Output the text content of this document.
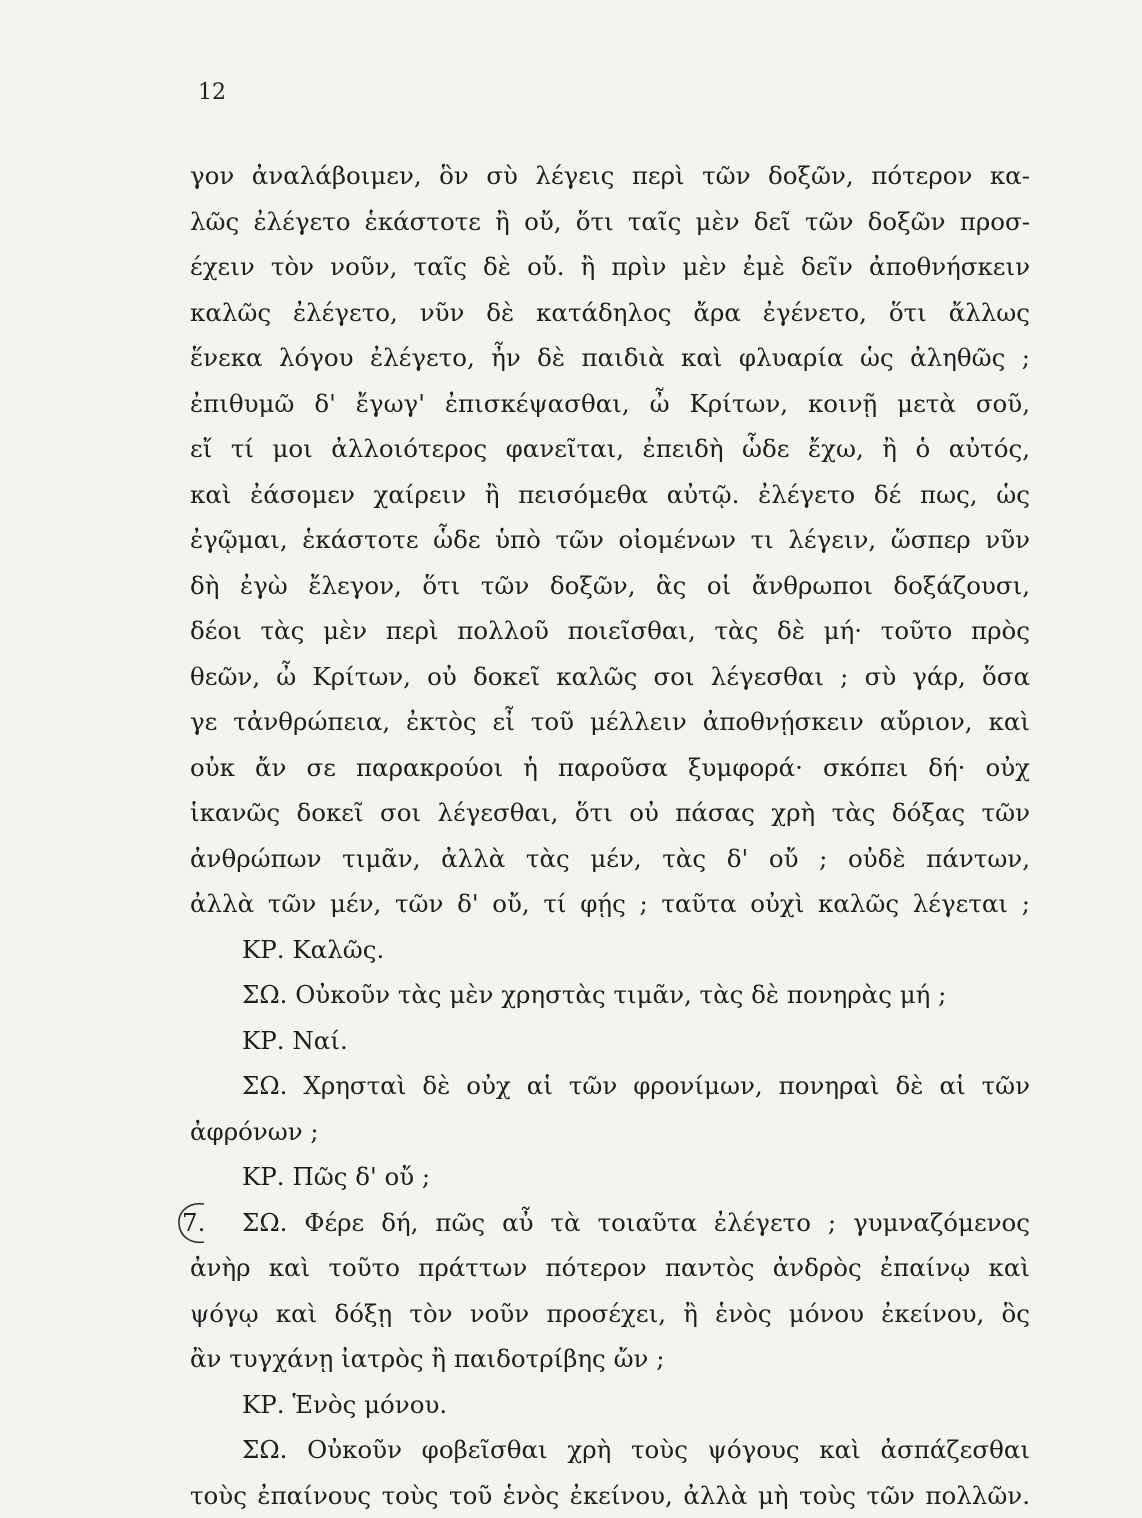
12
γον ἀναλάβοιμεν, ὃν σὺ λέγεις περὶ τῶν δοξῶν, πότερον κα-
λῶς ἐλέγετο ἑκάστοτε ἢ οὔ, ὅτι ταῖς μὲν δεῖ τῶν δοξῶν προσ-
έχειν τὸν νοῦν, ταῖς δὲ οὔ. ἢ πρὶν μὲν ἐμὲ δεῖν ἀποθνήσκειν
καλῶς ἐλέγετο, νῦν δὲ κατάδηλος ἄρα ἐγένετο, ὅτι ἄλλως
ἕνεκα λόγου ἐλέγετο, ἦν δὲ παιδιὰ καὶ φλυαρία ὡς ἀληθῶς ;
ἐπιθυμῶ δ' ἔγωγ' ἐπισκέψασθαι, ὦ Κρίτων, κοινῇ μετὰ σοῦ,
εἴ τί μοι ἀλλοιότερος φανεῖται, ἐπειδὴ ὧδε ἔχω, ἢ ὁ αὐτός,
καὶ ἐάσομεν χαίρειν ἢ πεισόμεθα αὐτῷ. ἐλέγετο δέ πως, ὡς
ἐγῷμαι, ἑκάστοτε ὧδε ὑπὸ τῶν οἰομένων τι λέγειν, ὥσπερ νῦν
δὴ ἐγὼ ἔλεγον, ὅτι τῶν δοξῶν, ἃς οἱ ἄνθρωποι δοξάζουσι,
δέοι τὰς μὲν περὶ πολλοῦ ποιεῖσθαι, τὰς δὲ μή· τοῦτο πρὸς
θεῶν, ὦ Κρίτων, οὐ δοκεῖ καλῶς σοι λέγεσθαι ; σὺ γάρ, ὅσα
γε τἀνθρώπεια, ἐκτὸς εἶ τοῦ μέλλειν ἀποθνῄσκειν αὔριον, καὶ
οὐκ ἄν σε παρακρούοι ἡ παροῦσα ξυμφορά· σκόπει δή· οὐχ
ἱκανῶς δοκεῖ σοι λέγεσθαι, ὅτι οὐ πάσας χρὴ τὰς δόξας τῶν
ἀνθρώπων τιμᾶν, ἀλλὰ τὰς μέν, τὰς δ' οὔ ; οὐδὲ πάντων,
ἀλλὰ τῶν μέν, τῶν δ' οὔ, τί φῄς ; ταῦτα οὐχὶ καλῶς λέγεται ;
ΚΡ. Καλῶς.
ΣΩ. Οὐκοῦν τὰς μὲν χρηστὰς τιμᾶν, τὰς δὲ πονηρὰς μή ;
ΚΡ. Ναί.
ΣΩ. Χρησταὶ δὲ οὐχ αἱ τῶν φρονίμων, πονηραὶ δὲ αἱ τῶν
ἀφρόνων ;
ΚΡ. Πῶς δ' οὔ ;
7. ΣΩ. Φέρε δή, πῶς αὖ τὰ τοιαῦτα ἐλέγετο ; γυμναζόμενος
ἀνὴρ καὶ τοῦτο πράττων πότερον παντὸς ἀνδρὸς ἐπαίνῳ καὶ
ψόγῳ καὶ δόξῃ τὸν νοῦν προσέχει, ἢ ἑνὸς μόνου ἐκείνου, ὃς
ἂν τυγχάνῃ ἰατρὸς ἢ παιδοτρίβης ὤν ;
ΚΡ. Ἑνὸς μόνου.
ΣΩ. Οὐκοῦν φοβεῖσθαι χρὴ τοὺς ψόγους καὶ ἀσπάζεσθαι
τοὺς ἐπαίνους τοὺς τοῦ ἑνὸς ἐκείνου, ἀλλὰ μὴ τοὺς τῶν πολλῶν.
